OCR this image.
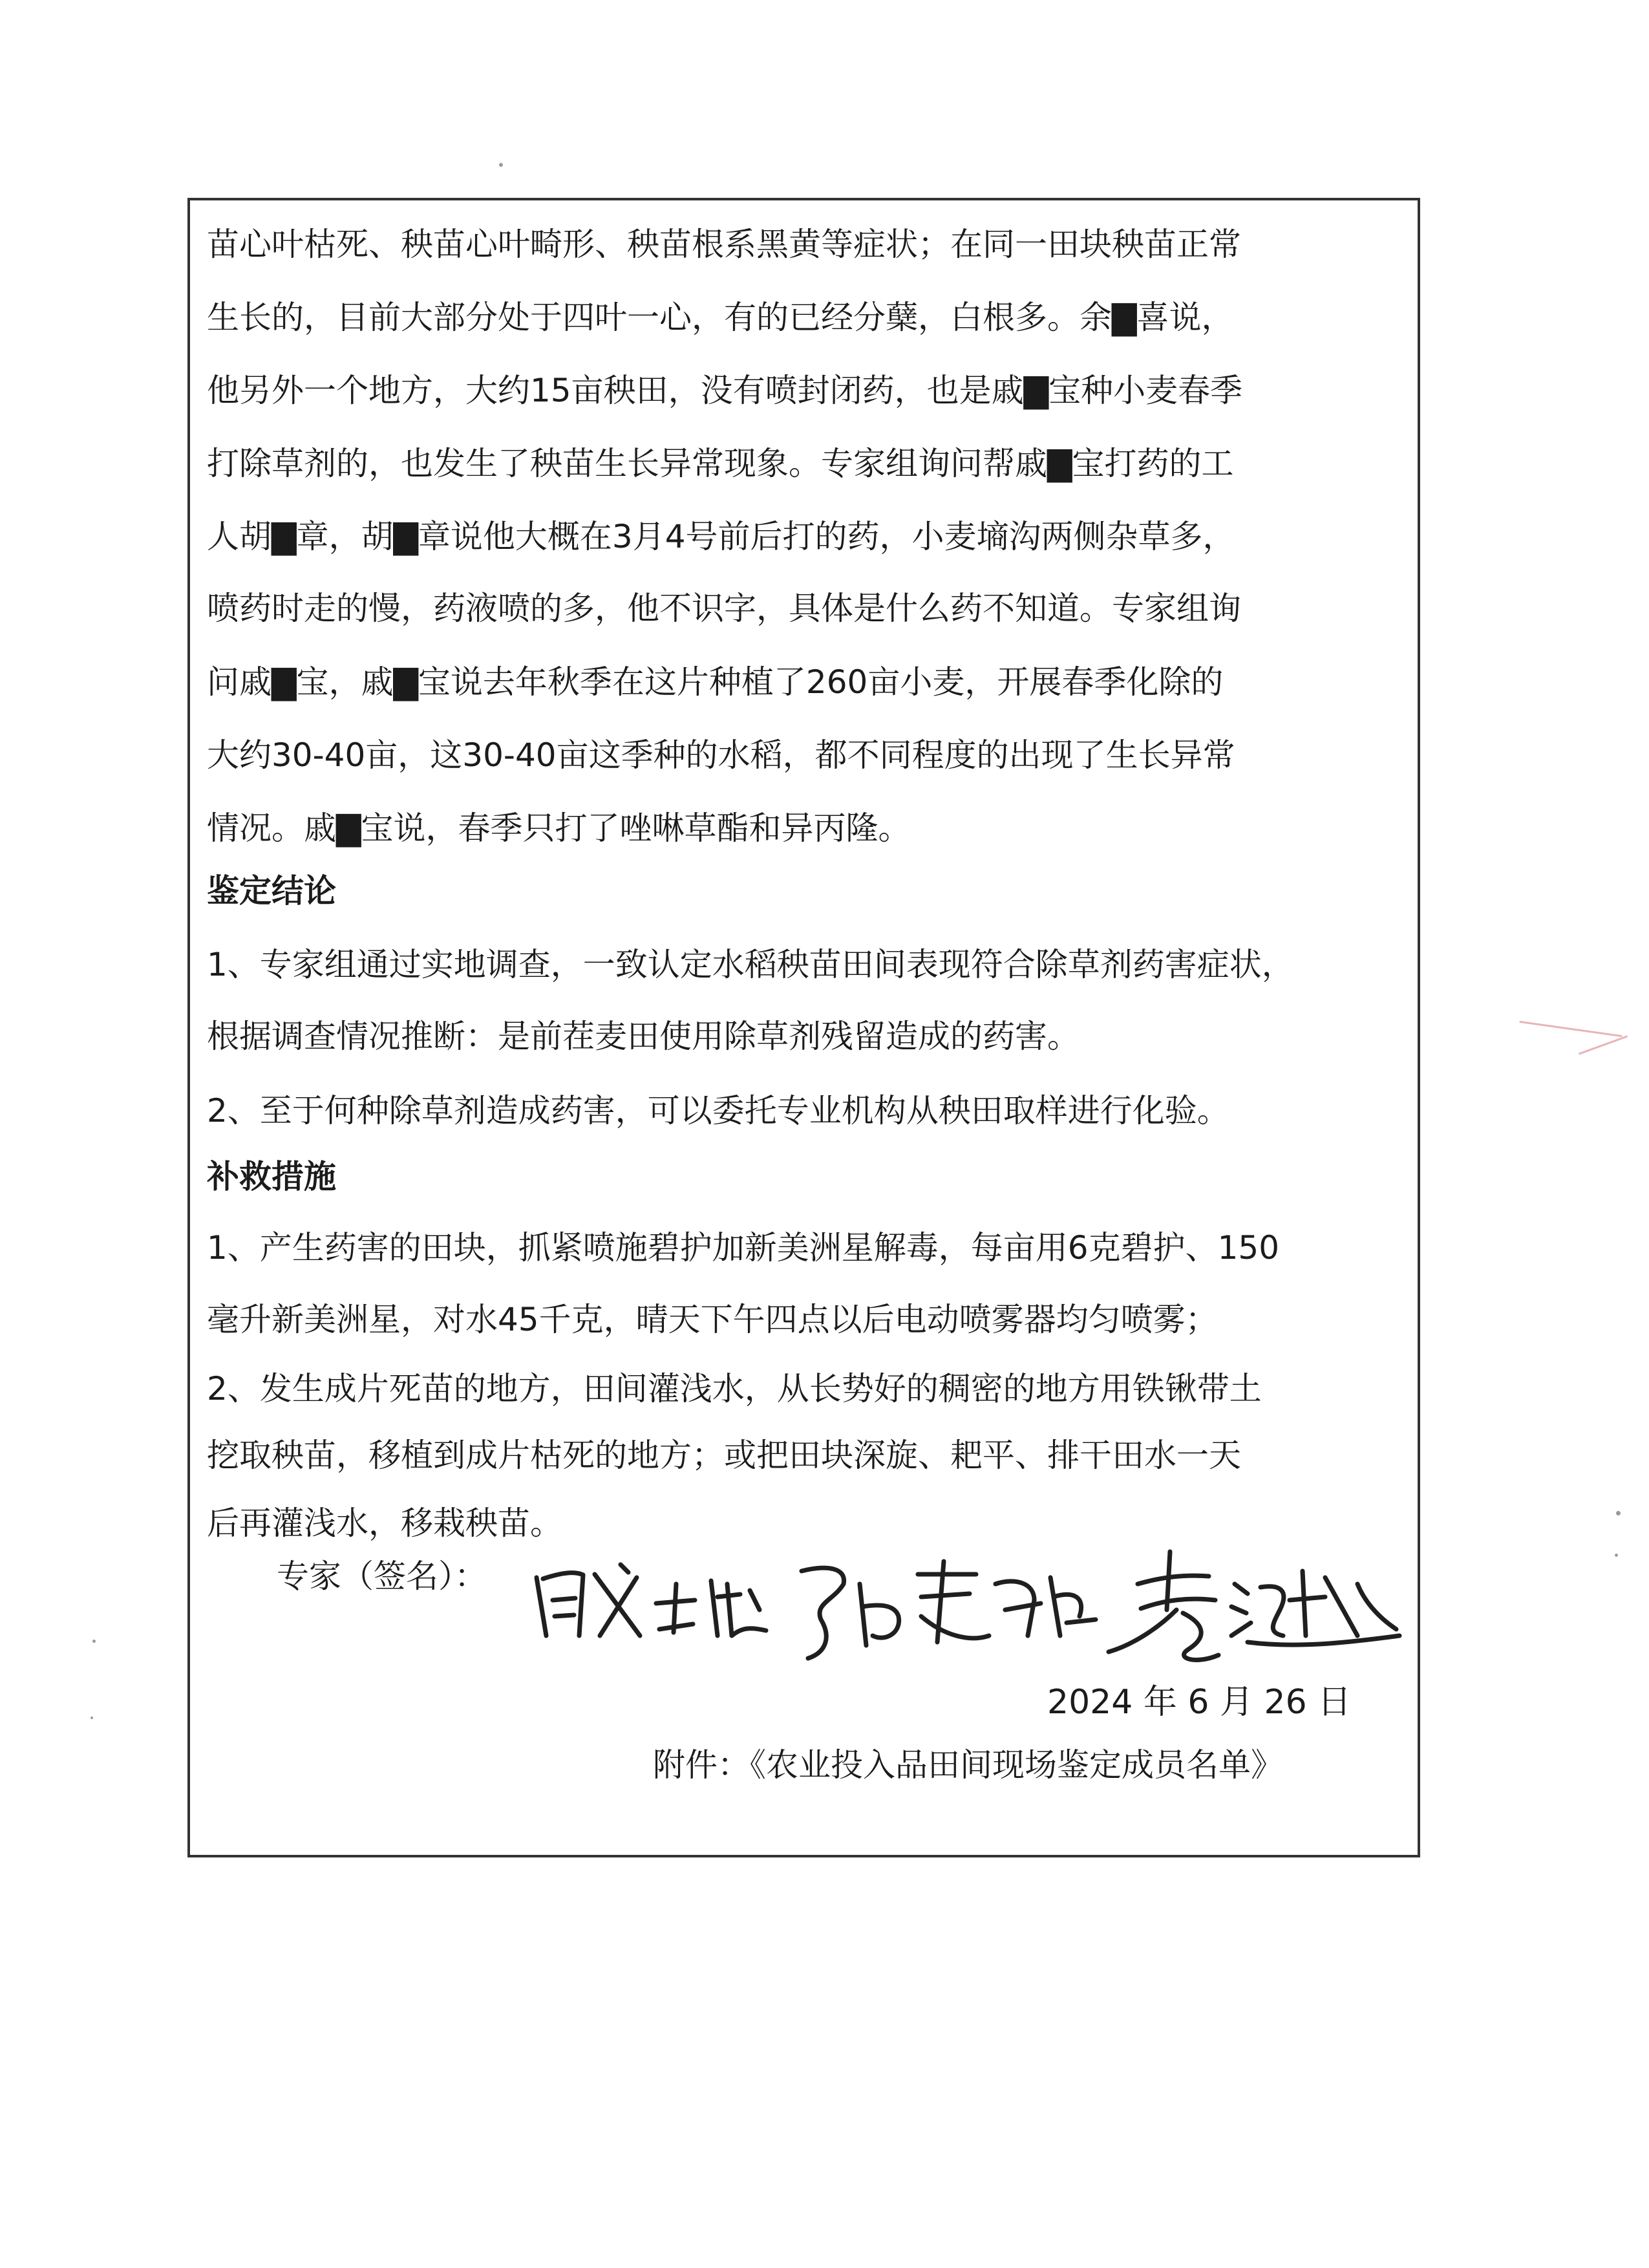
苗心叶枯死、秧苗心叶畸形、秧苗根系黑黄等症状；在同一田块秧苗正常
生长的，目前大部分处于四叶一心，有的已经分蘖，白根多。余▇喜说，
他另外一个地方，大约15亩秧田，没有喷封闭药，也是戚▇宝种小麦春季
打除草剂的，也发生了秧苗生长异常现象。专家组询问帮戚▇宝打药的工
人胡▇章，胡▇章说他大概在3月4号前后打的药，小麦墒沟两侧杂草多，
喷药时走的慢，药液喷的多，他不识字，具体是什么药不知道。专家组询
问戚▇宝，戚▇宝说去年秋季在这片种植了260亩小麦，开展春季化除的
大约30-40亩，这30-40亩这季种的水稻，都不同程度的出现了生长异常
情况。戚▇宝说，春季只打了唑啉草酯和异丙隆。
鉴定结论
1、专家组通过实地调查，一致认定水稻秧苗田间表现符合除草剂药害症状，
根据调查情况推断：是前茬麦田使用除草剂残留造成的药害。
2、至于何种除草剂造成药害，可以委托专业机构从秧田取样进行化验。
补救措施
1、产生药害的田块，抓紧喷施碧护加新美洲星解毒，每亩用6克碧护、150
毫升新美洲星，对水45千克，晴天下午四点以后电动喷雾器均匀喷雾；
2、发生成片死苗的地方，田间灌浅水，从长势好的稠密的地方用铁锹带土
挖取秧苗，移植到成片枯死的地方；或把田块深旋、耙平、排干田水一天
后再灌浅水，移栽秧苗。
专家（签名）：
2024 年 6 月 26 日
附件：《农业投入品田间现场鉴定成员名单》
